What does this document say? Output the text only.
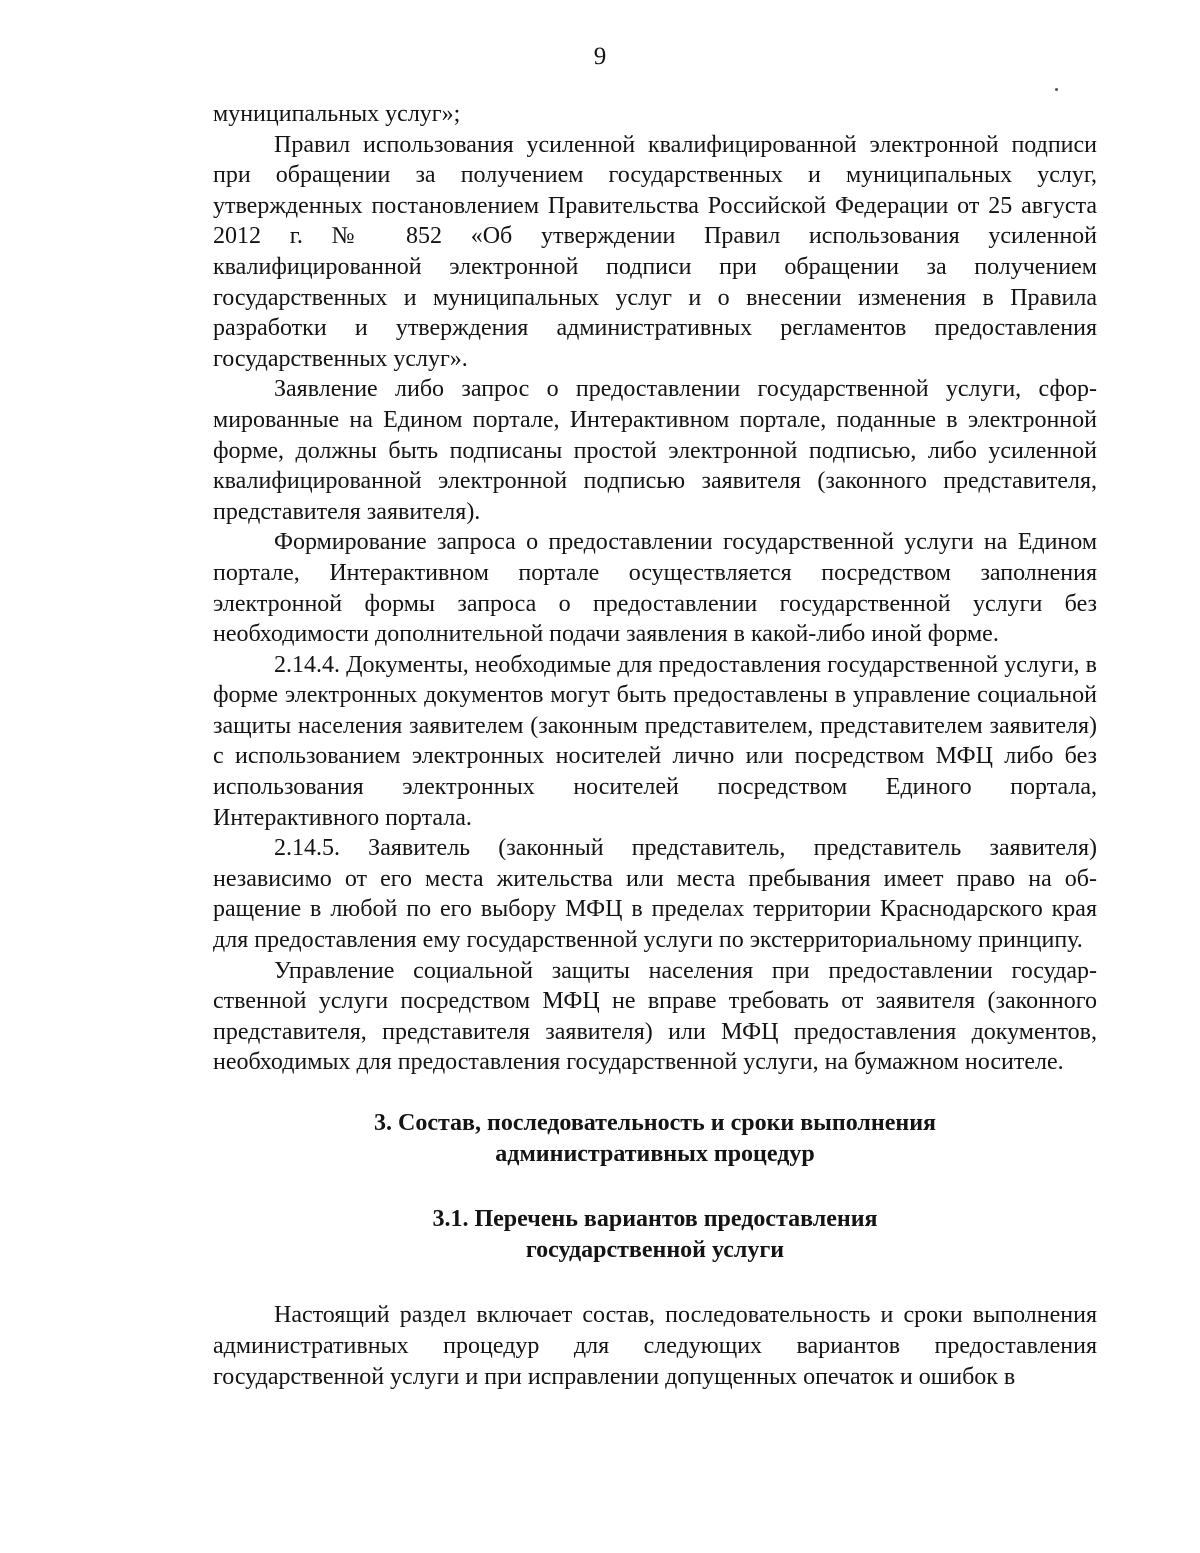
9

муниципальных услуг»;

Правил использования усиленной квалифицированной электронной подписи при обращении за получением государственных и муниципальных услуг, утвержденных постановлением Правительства Российской Федерации от 25 августа 2012 г. № 852 «Об утверждении Правил использования усиленной квалифицированной электронной подписи при обращении за получением государственных и муниципальных услуг и о внесении изменения в Правила разработки и утверждения административных регламентов предоставления государственных услуг».

Заявление либо запрос о предоставлении государственной услуги, сформированные на Едином портале, Интерактивном портале, поданные в электронной форме, должны быть подписаны простой электронной подписью, либо усиленной квалифицированной электронной подписью заявителя (законного представителя, представителя заявителя).

Формирование запроса о предоставлении государственной услуги на Едином портале, Интерактивном портале осуществляется посредством заполнения электронной формы запроса о предоставлении государственной услуги без необходимости дополнительной подачи заявления в какой-либо иной форме.

2.14.4. Документы, необходимые для предоставления государственной услуги, в форме электронных документов могут быть предоставлены в управление социальной защиты населения заявителем (законным представителем, представителем заявителя) с использованием электронных носителей лично или посредством МФЦ либо без использования электронных носителей посредством Единого портала, Интерактивного портала.

2.14.5. Заявитель (законный представитель, представитель заявителя) независимо от его места жительства или места пребывания имеет право на обращение в любой по его выбору МФЦ в пределах территории Краснодарского края для предоставления ему государственной услуги по экстерриториальному принципу.

Управление социальной защиты населения при предоставлении государственной услуги посредством МФЦ не вправе требовать от заявителя (законного представителя, представителя заявителя) или МФЦ предоставления документов, необходимых для предоставления государственной услуги, на бумажном носителе.

3. Состав, последовательность и сроки выполнения
административных процедур
3.1. Перечень вариантов предоставления
государственной услуги

Настоящий раздел включает состав, последовательность и сроки выполнения административных процедур для следующих вариантов предоставления государственной услуги и при исправлении допущенных опечаток и ошибок в
